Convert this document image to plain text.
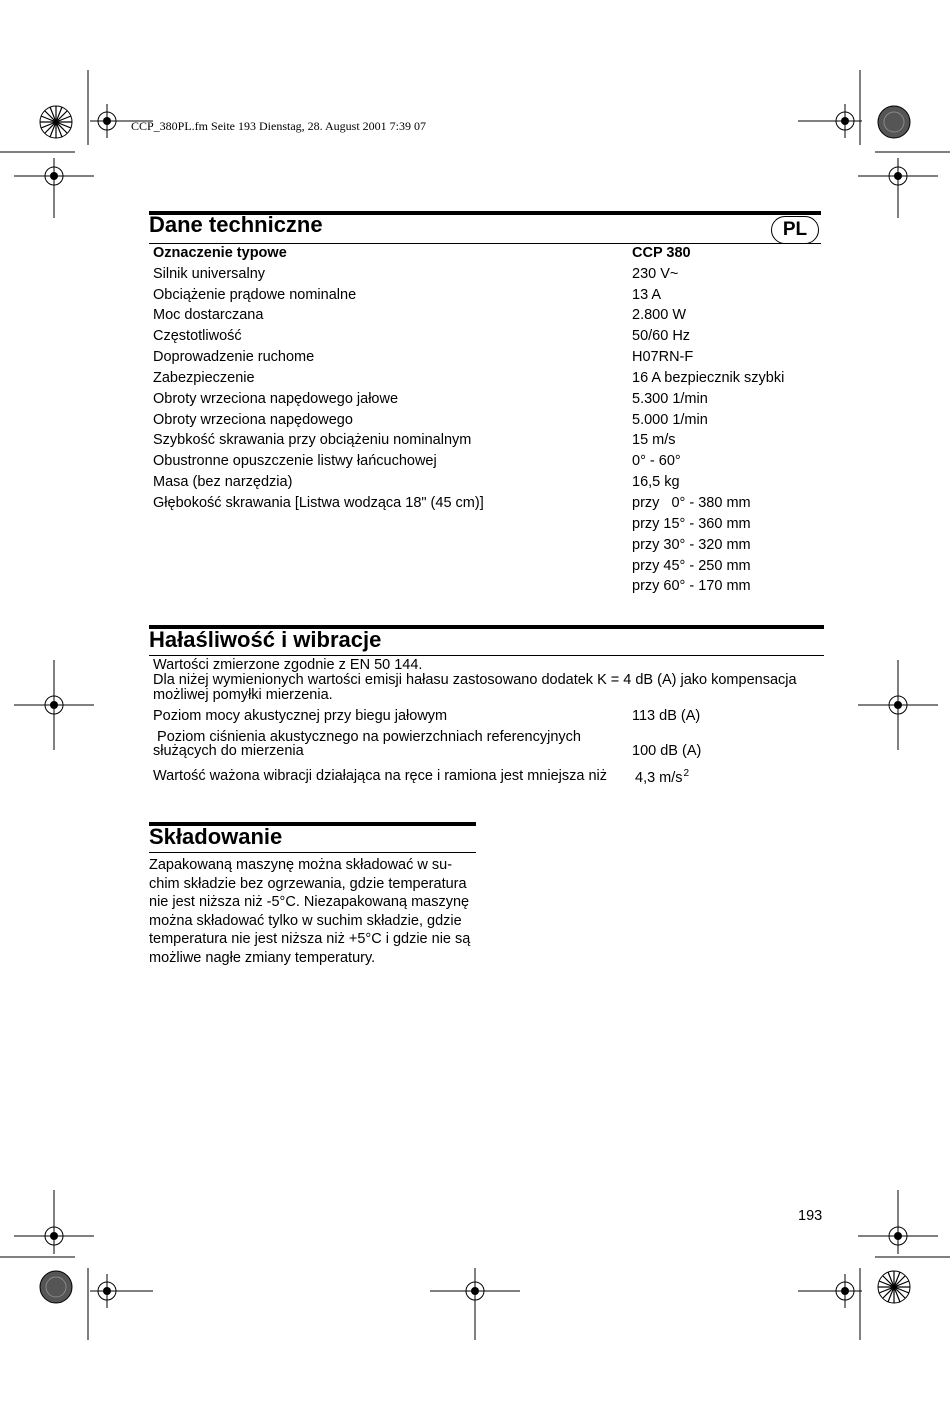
CCP_380PL.fm Seite 193 Dienstag, 28. August 2001 7:39 07
Dane techniczne	PL
Oznaczenie typowe	CCP 380
Silnik universalny	230 V~
Obciążenie prądowe nominalne	13 A
Moc dostarczana	2.800 W
Częstotliwość	50/60 Hz
Doprowadzenie ruchome	H07RN-F
Zabezpieczenie	16 A bezpiecznik szybki
Obroty wrzeciona napędowego jałowe	5.300 1/min
Obroty wrzeciona napędowego	5.000 1/min
Szybkość skrawania przy obciążeniu nominalnym	15 m/s
Obustronne opuszczenie listwy łańcuchowej	0° - 60°
Masa (bez narzędzia)	16,5 kg
Głębokość skrawania [Listwa wodząca 18" (45 cm)]	przy   0° - 380 mm
przy 15° - 360 mm
przy 30° - 320 mm
przy 45° - 250 mm
przy 60° - 170 mm
Hałaśliwość i wibracje
Wartości zmierzone zgodnie z EN 50 144.
Dla niżej wymienionych wartości emisji hałasu zastosowano dodatek K = 4 dB (A) jako kompensacja
możliwej pomyłki mierzenia.
Poziom mocy akustycznej przy biegu jałowym	113 dB (A)
Poziom ciśnienia akustycznego na powierzchniach referencyjnych
służących do mierzenia	100 dB (A)
Wartość ważona wibracji działająca na ręce i ramiona jest mniejsza niż 4,3 $m/s^2$
Składowanie
Zapakowaną maszynę można składować w su-
chim składzie bez ogrzewania, gdzie temperatura
nie jest niższa niż -5°C. Niezapakowaną maszynę
można składować tylko w suchim składzie, gdzie
temperatura nie jest niższa niż +5°C i gdzie nie są
możliwe nagłe zmiany temperatury.
193
